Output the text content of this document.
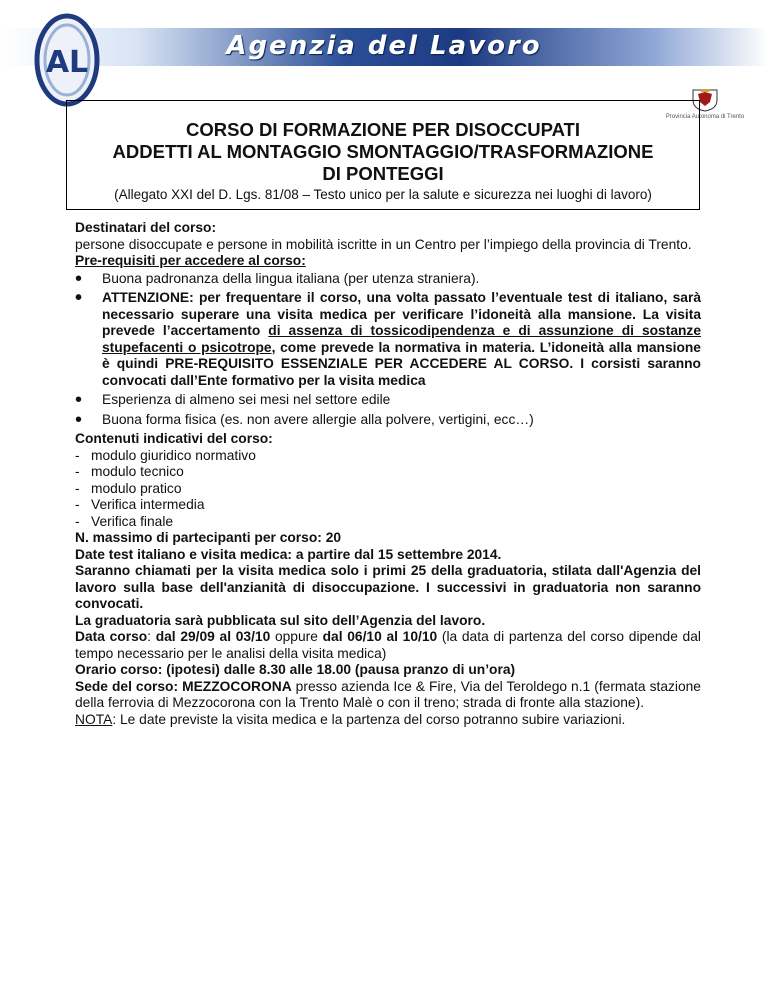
Agenzia del Lavoro
AL
Provincia Autonoma di Trento

CORSO DI FORMAZIONE PER DISOCCUPATI
ADDETTI AL MONTAGGIO SMONTAGGIO/TRASFORMAZIONE
DI PONTEGGI

(Allegato XXI del D. Lgs. 81/08 – Testo unico per la salute e sicurezza nei luoghi di lavoro)

Destinatari del corso:

persone disoccupate e persone in mobilità iscritte in un Centro per l’impiego della provincia di Trento.

Pre-requisiti per accedere al corso:

• Buona padronanza della lingua italiana (per utenza straniera).
• ATTENZIONE: per frequentare il corso, una volta passato l’eventuale test di italiano, sarà necessario superare una visita medica per verificare l’idoneità alla mansione. La visita prevede l’accertamento di assenza di tossicodipendenza e di assunzione di sostanze stupefacenti o psicotrope, come prevede la normativa in materia. L’idoneità alla mansione è quindi PRE-REQUISITO ESSENZIALE PER ACCEDERE AL CORSO. I corsisti saranno convocati dall’Ente formativo per la visita medica
• Esperienza di almeno sei mesi nel settore edile
• Buona forma fisica (es. non avere allergie alla polvere, vertigini, ecc…)

Contenuti indicativi del corso:

- modulo giuridico normativo
- modulo tecnico
- modulo pratico
- Verifica intermedia
- Verifica finale

N. massimo di partecipanti per corso: 20

Date test italiano e visita medica: a partire dal 15 settembre 2014.

Saranno chiamati per la visita medica solo i primi 25 della graduatoria, stilata dall'Agenzia del lavoro sulla base dell'anzianità di disoccupazione. I successivi in graduatoria non saranno convocati.

La graduatoria sarà pubblicata sul sito dell’Agenzia del lavoro.

Data corso: dal 29/09 al 03/10 oppure dal 06/10 al 10/10 (la data di partenza del corso dipende dal tempo necessario per le analisi della visita medica)

Orario corso: (ipotesi) dalle 8.30 alle 18.00 (pausa pranzo di un’ora)

Sede del corso: MEZZOCORONA presso azienda Ice & Fire, Via del Teroldego n.1 (fermata stazione della ferrovia di Mezzocorona con la Trento Malè o con il treno; strada di fronte alla stazione).

NOTA: Le date previste la visita medica e la partenza del corso potranno subire variazioni.
